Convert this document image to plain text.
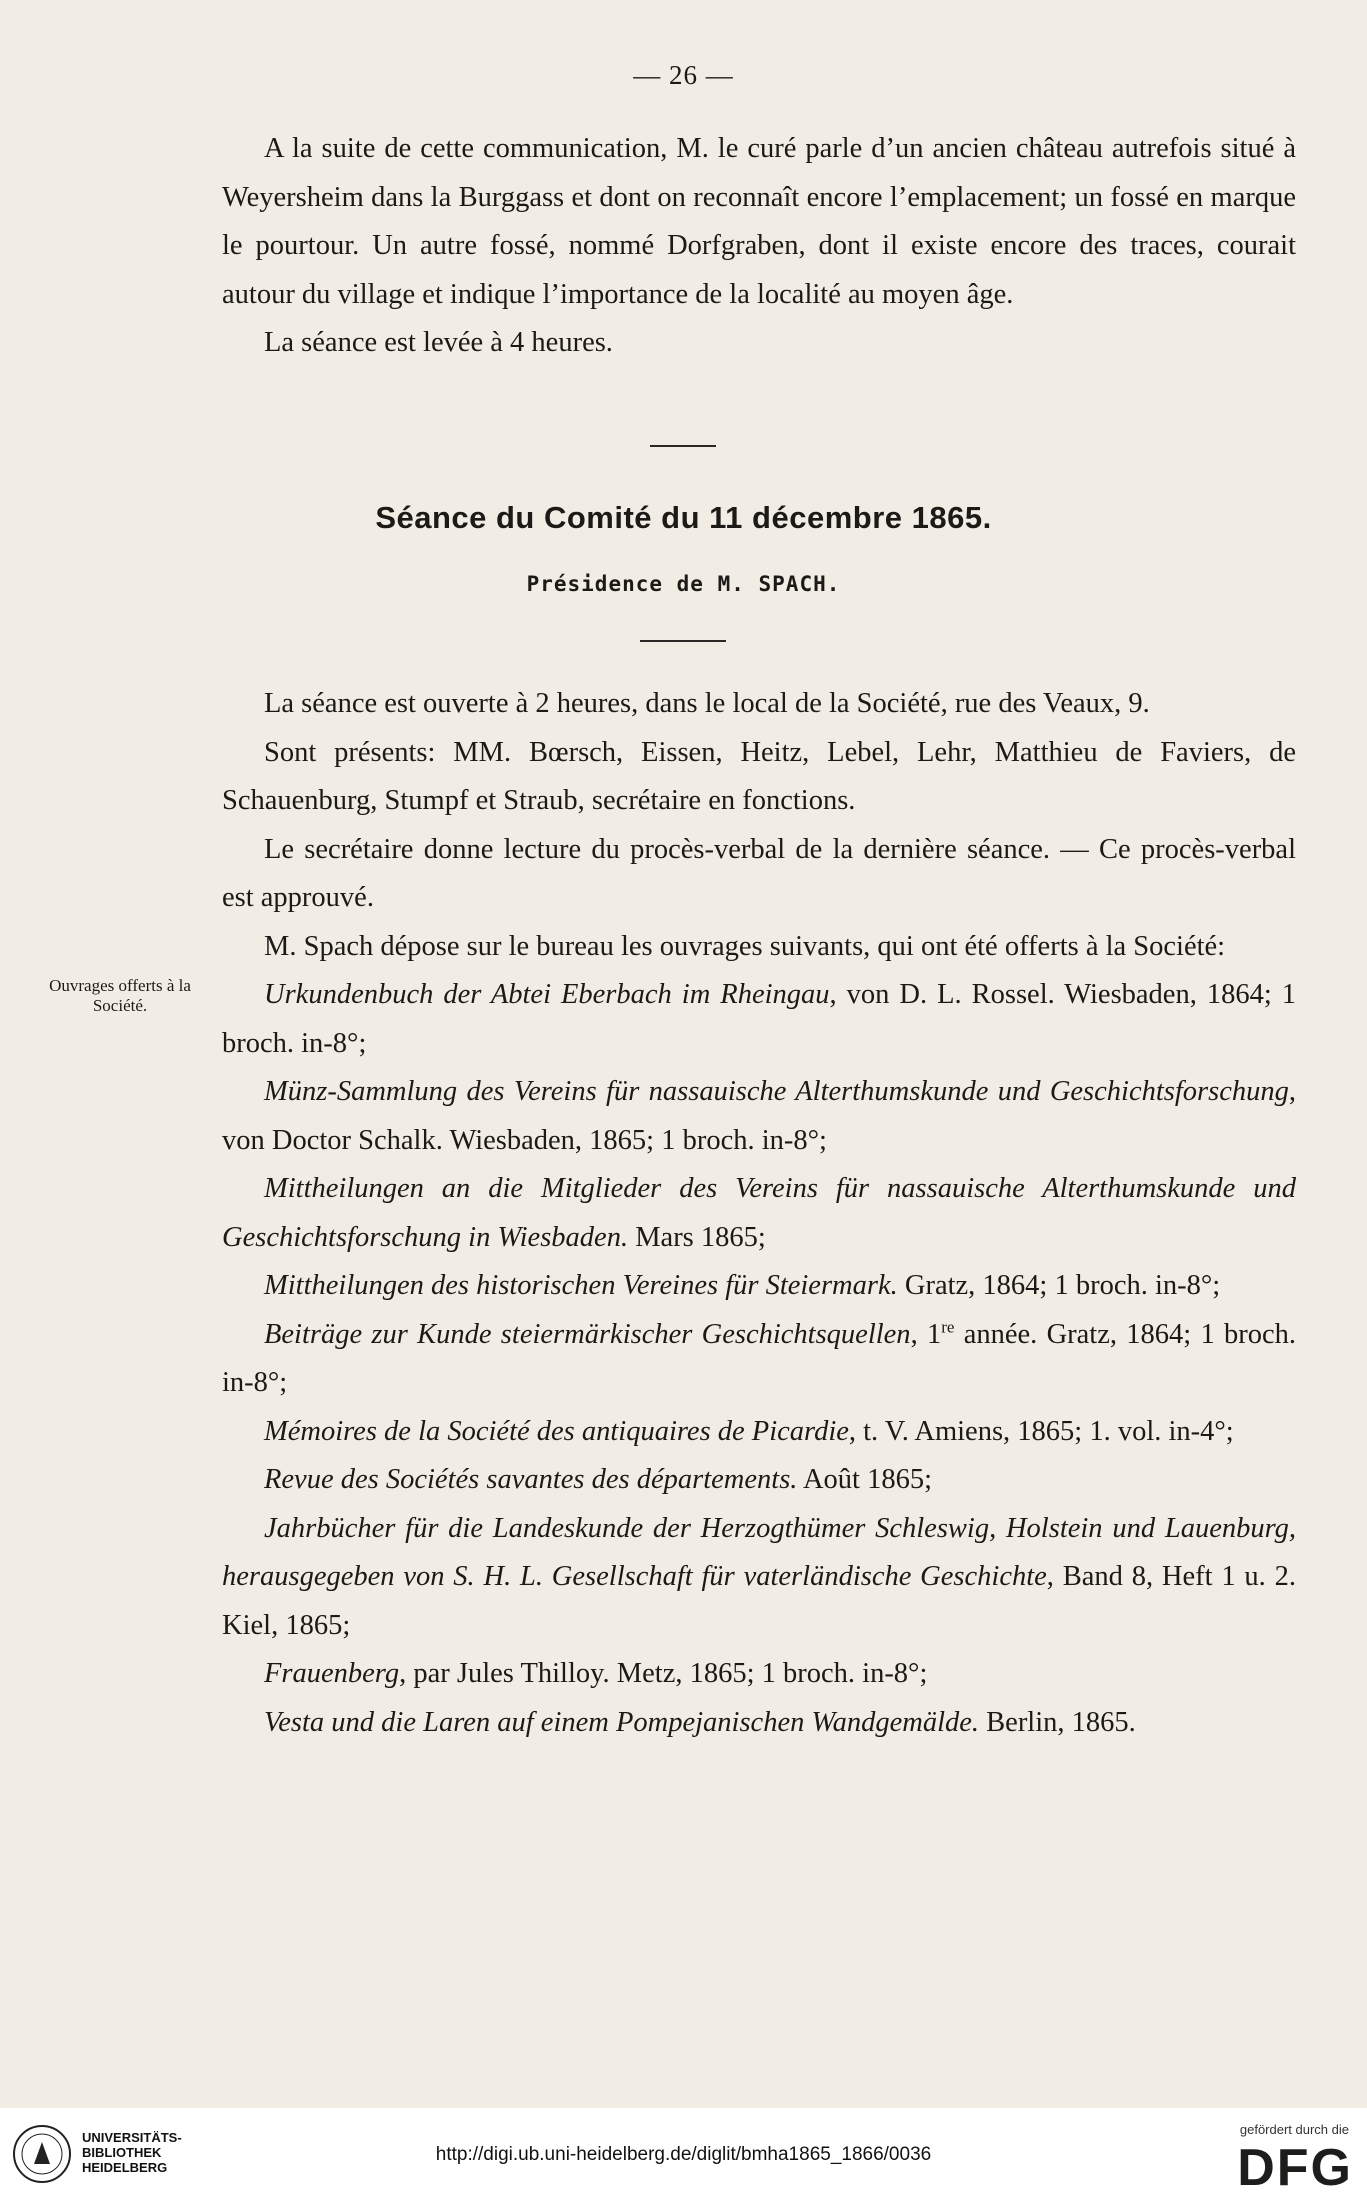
— 26 —

A la suite de cette communication, M. le curé parle d’un ancien château autrefois situé à Weyersheim dans la Burggass et dont on reconnaît encore l’emplacement; un fossé en marque le pourtour. Un autre fossé, nommé Dorfgraben, dont il existe encore des traces, courait autour du village et indique l’importance de la localité au moyen âge.

La séance est levée à 4 heures.

Séance du Comité du 11 décembre 1865.
Présidence de M. SPACH.
Ouvrages offerts à la Société.

La séance est ouverte à 2 heures, dans le local de la Société, rue des Veaux, 9.

Sont présents: MM. Bœrsch, Eissen, Heitz, Lebel, Lehr, Matthieu de Faviers, de Schauenburg, Stumpf et Straub, secrétaire en fonctions.

Le secrétaire donne lecture du procès-verbal de la dernière séance. — Ce procès-verbal est approuvé.

M. Spach dépose sur le bureau les ouvrages suivants, qui ont été offerts à la Société:

Urkundenbuch der Abtei Eberbach im Rheingau, von D. L. Rossel. Wiesbaden, 1864; 1 broch. in-8°;

Münz-Sammlung des Vereins für nassauische Alterthumskunde und Geschichtsforschung, von Doctor Schalk. Wiesbaden, 1865; 1 broch. in-8°;

Mittheilungen an die Mitglieder des Vereins für nassauische Alterthumskunde und Geschichtsforschung in Wiesbaden. Mars 1865;

Mittheilungen des historischen Vereines für Steiermark. Gratz, 1864; 1 broch. in-8°;

Beiträge zur Kunde steiermärkischer Geschichtsquellen, 1re année. Gratz, 1864; 1 broch. in-8°;

Mémoires de la Société des antiquaires de Picardie, t. V. Amiens, 1865; 1. vol. in-4°;

Revue des Sociétés savantes des départements. Août 1865;

Jahrbücher für die Landeskunde der Herzogthümer Schleswig, Holstein und Lauenburg, herausgegeben von S. H. L. Gesellschaft für vaterländische Geschichte, Band 8, Heft 1 u. 2. Kiel, 1865;

Frauenberg, par Jules Thilloy. Metz, 1865; 1 broch. in-8°;

Vesta und die Laren auf einem Pompejanischen Wandgemälde. Berlin, 1865.

UNIVERSITÄTS-
BIBLIOTHEK
HEIDELBERG
http://digi.ub.uni-heidelberg.de/diglit/bmha1865_1866/0036
gefördert durch die
DFG
